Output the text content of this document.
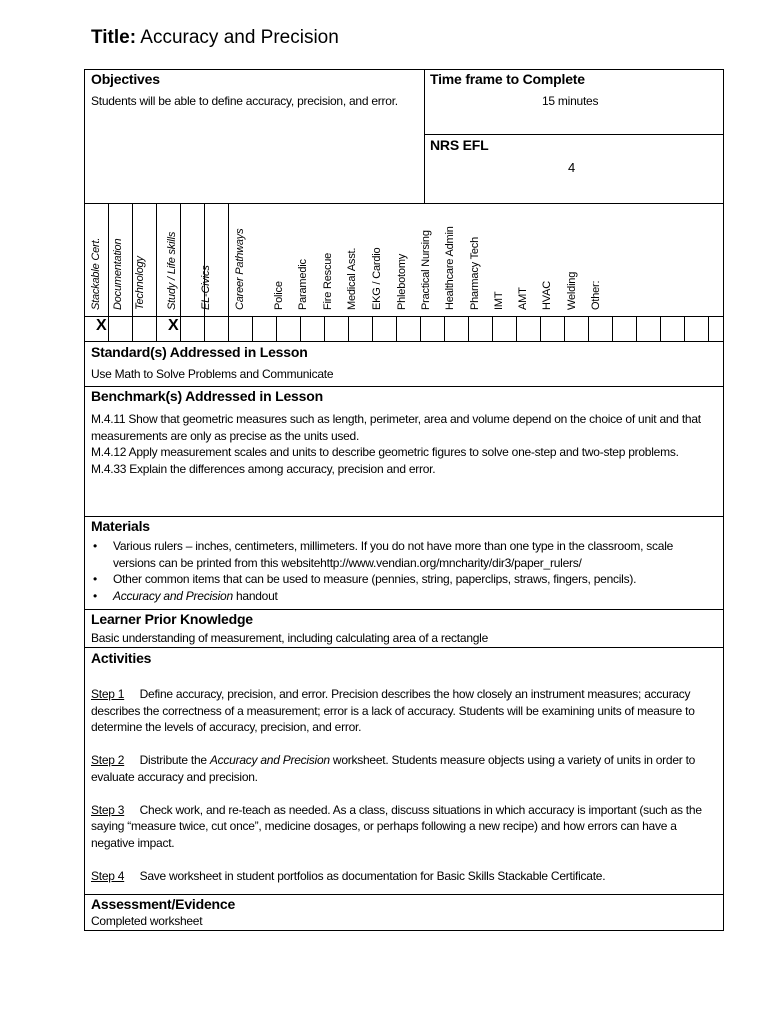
Title: Accuracy and Precision
Objectives
Students will be able to define accuracy, precision, and error.
Time frame to Complete
15 minutes
NRS EFL
4
Stackable Cert. Documentation Technology Study / Life skills EL-Civics Career Pathways Police Paramedic Fire Rescue Medical Asst. EKG / Cardio Phlebotomy Practical Nursing Healthcare Admin Pharmacy Tech IMT AMT HVAC Welding Other:
X	X
Standard(s) Addressed in Lesson
Use Math to Solve Problems and Communicate
Benchmark(s) Addressed in Lesson
M.4.11 Show that geometric measures such as length, perimeter, area and volume depend on the choice of unit and that measurements are only as precise as the units used.
M.4.12 Apply measurement scales and units to describe geometric figures to solve one-step and two-step problems.
M.4.33 Explain the differences among accuracy, precision and error.
Materials
• Various rulers – inches, centimeters, millimeters. If you do not have more than one type in the classroom, scale versions can be printed from this websitehttp://www.vendian.org/mncharity/dir3/paper_rulers/
• Other common items that can be used to measure (pennies, string, paperclips, straws, fingers, pencils).
• Accuracy and Precision handout
Learner Prior Knowledge
Basic understanding of measurement, including calculating area of a rectangle
Activities
Step 1 Define accuracy, precision, and error. Precision describes the how closely an instrument measures; accuracy describes the correctness of a measurement; error is a lack of accuracy. Students will be examining units of measure to determine the levels of accuracy, precision, and error.
Step 2 Distribute the Accuracy and Precision worksheet. Students measure objects using a variety of units in order to evaluate accuracy and precision.
Step 3 Check work, and re-teach as needed. As a class, discuss situations in which accuracy is important (such as the saying “measure twice, cut once”, medicine dosages, or perhaps following a new recipe) and how errors can have a negative impact.
Step 4 Save worksheet in student portfolios as documentation for Basic Skills Stackable Certificate.
Assessment/Evidence
Completed worksheet
